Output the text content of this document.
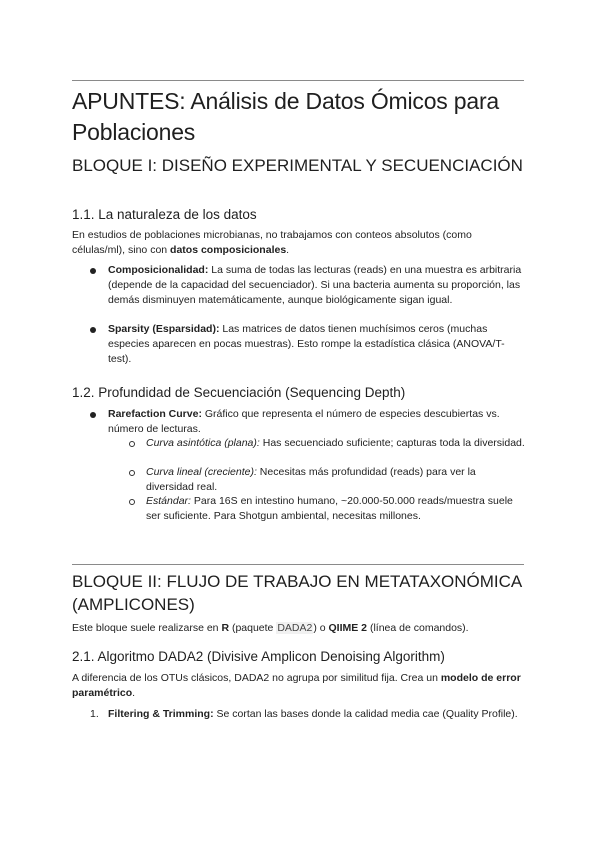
APUNTES: Análisis de Datos Ómicos para Poblaciones
BLOQUE I: DISEÑO EXPERIMENTAL Y SECUENCIACIÓN
1.1. La naturaleza de los datos

En estudios de poblaciones microbianas, no trabajamos con conteos absolutos (como células/ml), sino con datos composicionales.

Composicionalidad: La suma de todas las lecturas (reads) en una muestra es arbitraria (depende de la capacidad del secuenciador). Si una bacteria aumenta su proporción, las demás disminuyen matemáticamente, aunque biológicamente sigan igual.
Sparsity (Esparsidad): Las matrices de datos tienen muchísimos ceros (muchas especies aparecen en pocas muestras). Esto rompe la estadística clásica (ANOVA/T-test).
1.2. Profundidad de Secuenciación (Sequencing Depth)
Rarefaction Curve: Gráfico que representa el número de especies descubiertas vs. número de lecturas.
Curva asintótica (plana): Has secuenciado suficiente; capturas toda la diversidad.
Curva lineal (creciente): Necesitas más profundidad (reads) para ver la diversidad real.
Estándar: Para 16S en intestino humano, ~20.000-50.000 reads/muestra suele ser suficiente. Para Shotgun ambiental, necesitas millones.
BLOQUE II: FLUJO DE TRABAJO EN METATAXONÓMICA (AMPLICONES)

Este bloque suele realizarse en R (paquete DADA2) o QIIME 2 (línea de comandos).

2.1. Algoritmo DADA2 (Divisive Amplicon Denoising Algorithm)

A diferencia de los OTUs clásicos, DADA2 no agrupa por similitud fija. Crea un modelo de error paramétrico.

1. Filtering & Trimming: Se cortan las bases donde la calidad media cae (Quality Profile).
